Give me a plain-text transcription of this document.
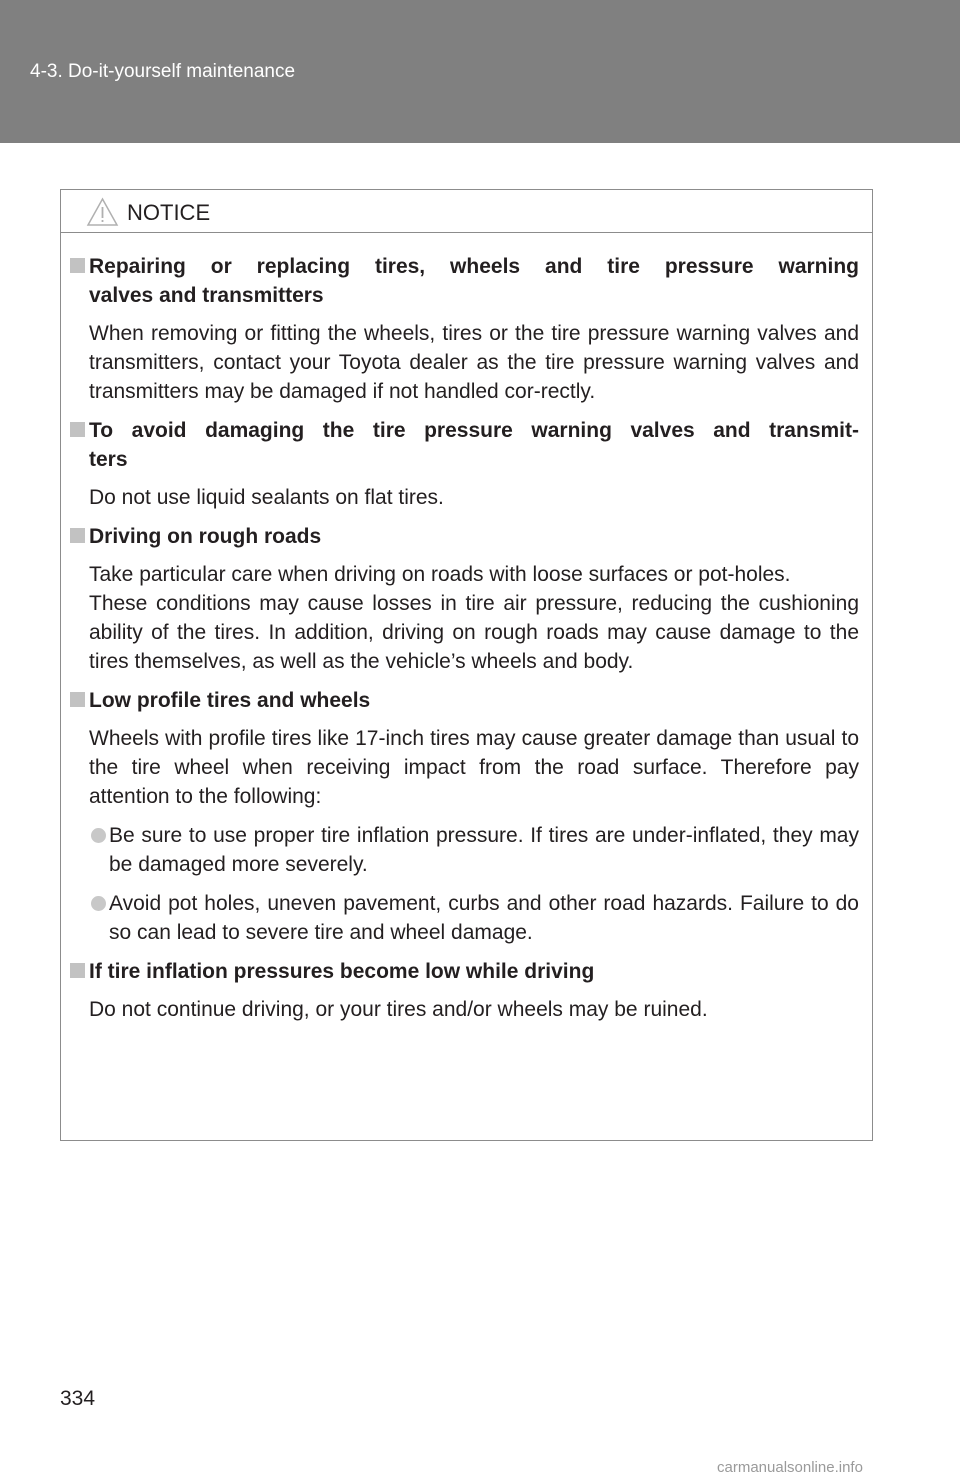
4-3. Do-it-yourself maintenance
NOTICE
Repairing or replacing tires, wheels and tire pressure warning
valves and transmitters
When removing or fitting the wheels, tires or the tire pressure warning valves and transmitters, contact your Toyota dealer as the tire pressure warning valves and transmitters may be damaged if not handled cor-rectly.
To avoid damaging the tire pressure warning valves and transmit-
ters
Do not use liquid sealants on flat tires.
Driving on rough roads
Take particular care when driving on roads with loose surfaces or pot-holes.
These conditions may cause losses in tire air pressure, reducing the cushioning ability of the tires. In addition, driving on rough roads may cause damage to the tires themselves, as well as the vehicle’s wheels and body.
Low profile tires and wheels
Wheels with profile tires like 17-inch tires may cause greater damage than usual to the tire wheel when receiving impact from the road surface. Therefore pay attention to the following:
Be sure to use proper tire inflation pressure. If tires are under-inflated, they may be damaged more severely.
Avoid pot holes, uneven pavement, curbs and other road hazards. Failure to do so can lead to severe tire and wheel damage.
If tire inflation pressures become low while driving
Do not continue driving, or your tires and/or wheels may be ruined.
334
carmanualsonline.info
